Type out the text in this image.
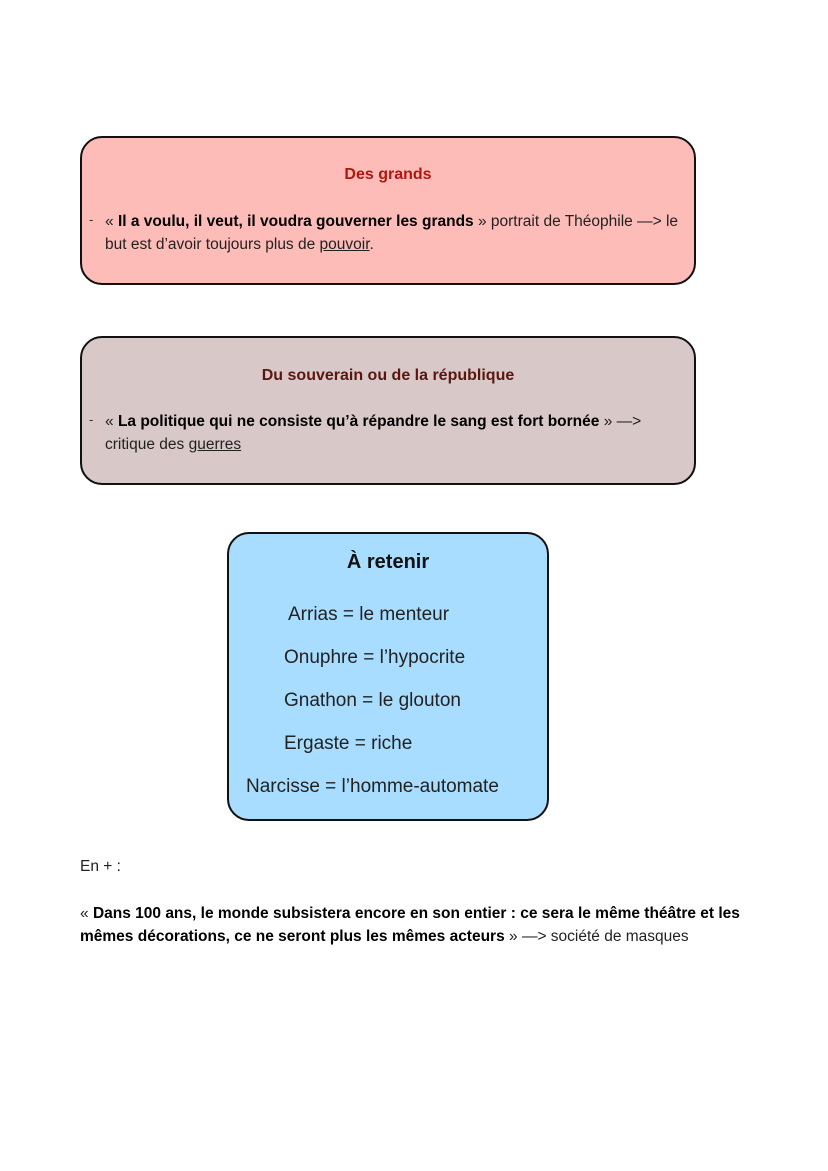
Des grands
- « Il a voulu, il veut, il voudra gouverner les grands » portrait de Théophile —> le but est d’avoir toujours plus de pouvoir.
Du souverain ou de la république
- « La politique qui ne consiste qu’à répandre le sang est fort bornée » —> critique des guerres
À retenir
Arrias = le menteur
Onuphre = l’hypocrite
Gnathon = le glouton
Ergaste = riche
Narcisse = l’homme-automate
En + :
« Dans 100 ans, le monde subsistera encore en son entier : ce sera le même théâtre et les mêmes décorations, ce ne seront plus les mêmes acteurs » —> société de masques
